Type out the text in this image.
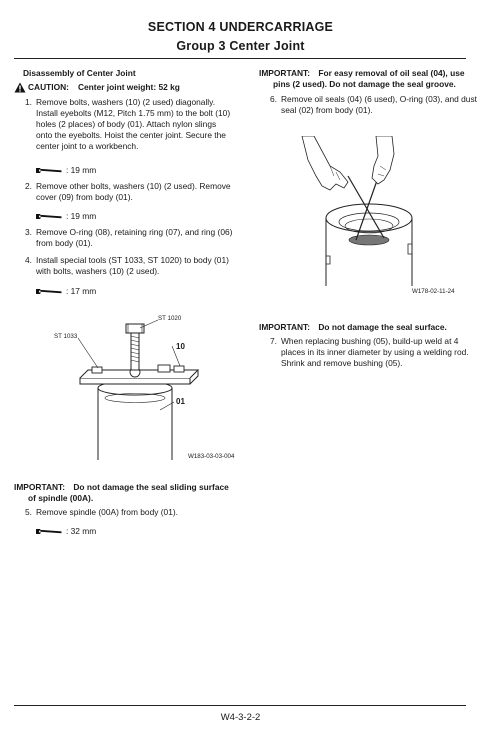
SECTION 4 UNDERCARRIAGE
Group 3 Center Joint
Disassembly of Center Joint
CAUTION: Center joint weight: 52 kg
1. Remove bolts, washers (10) (2 used) diagonally.
Install eyebolts (M12, Pitch 1.75 mm) to the bolt (10)
holes (2 places) of body (01). Attach nylon slings
onto the eyebolts. Hoist the center joint. Secure the
center joint to a workbench.
: 19 mm
2. Remove other bolts, washers (10) (2 used). Remove
cover (09) from body (01).
: 19 mm
3. Remove O-ring (08), retaining ring (07), and ring (06)
from body (01).
4. Install special tools (ST 1033, ST 1020) to body (01)
with bolts, washers (10) (2 used).
: 17 mm
ST 1020
ST 1033
10
01
W183-03-03-004
IMPORTANT: Do not damage the seal sliding surface
of spindle (00A).
5. Remove spindle (00A) from body (01).
: 32 mm
IMPORTANT: For easy removal of oil seal (04), use
pins (2 used). Do not damage the seal groove.
6. Remove oil seals (04) (6 used), O-ring (03), and dust
seal (02) from body (01).
W178-02-11-24
IMPORTANT: Do not damage the seal surface.
7. When replacing bushing (05), build-up weld at 4
places in its inner diameter by using a welding rod.
Shrink and remove bushing (05).
W4-3-2-2
